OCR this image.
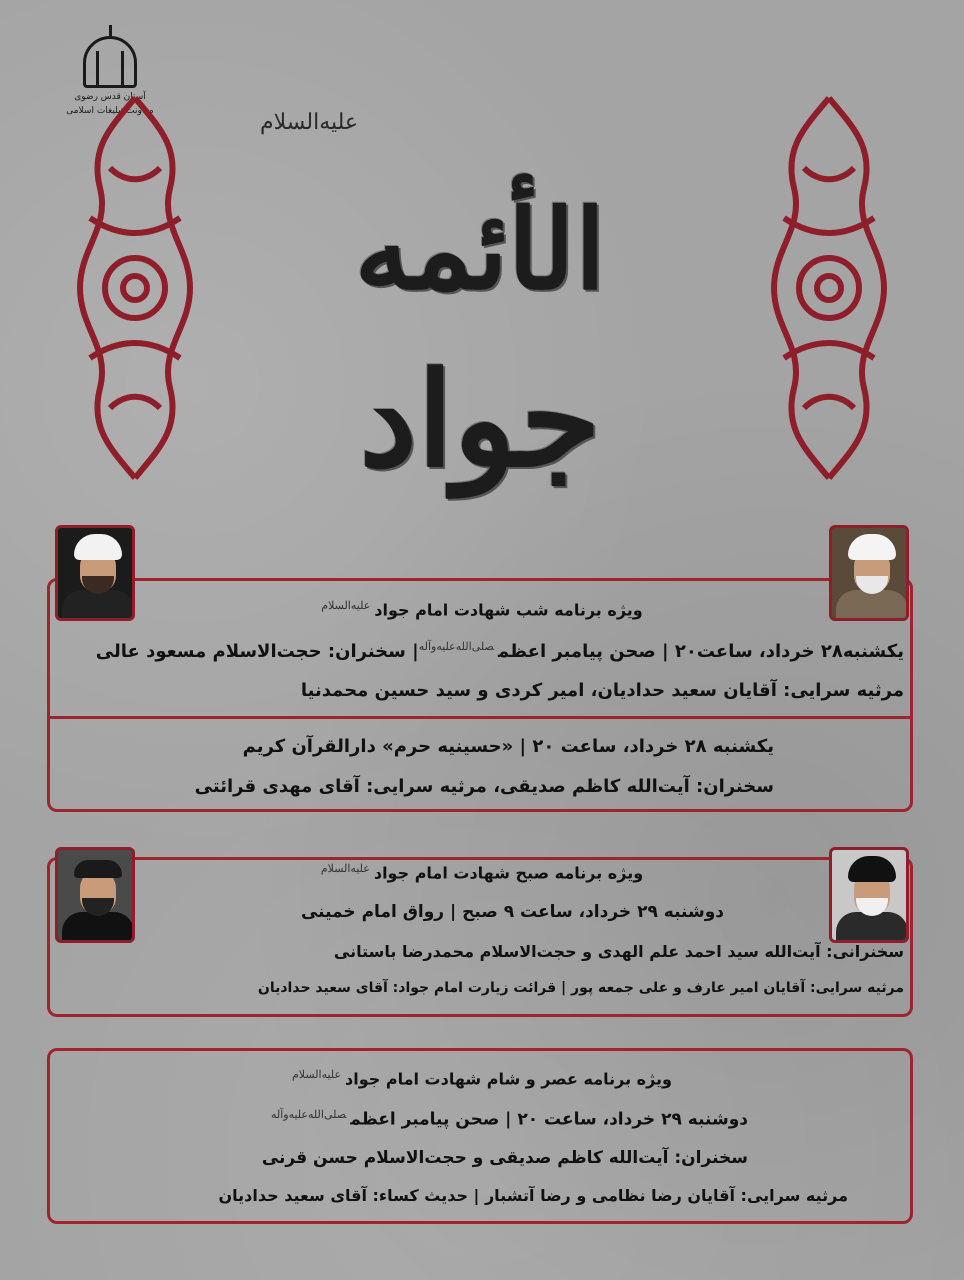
آستان قدس رضوی
معاونت تبلیغات اسلامی	علیه‌السلام
الأئمه
جواد
ویژه برنامه شب شهادت امام جواد$^{علیه‌السلام}$
یکشنبه۲۸ خرداد، ساعت۲۰ | صحن پیامبر اعظم$^{صلی‌الله‌علیه‌وآله}$| سخنران: حجت‌الاسلام مسعود عالی
مرثیه سرایی: آقایان سعید حدادیان، امیر کردی و سید حسین محمدنیا
یکشنبه ۲۸ خرداد، ساعت ۲۰ | «حسینیه حرم» دارالقرآن کریم
سخنران: آیت‌الله کاظم صدیقی، مرثیه سرایی: آقای مهدی قرائتی
ویژه برنامه صبح شهادت امام جواد$^{علیه‌السلام}$
دوشنبه ۲۹ خرداد، ساعت ۹ صبح | رواق امام خمینی
سخنرانی: آیت‌الله سید احمد علم الهدی و حجت‌الاسلام محمدرضا باستانی
مرثیه سرایی: آقایان امیر عارف و علی جمعه پور | قرائت زیارت امام جواد: آقای سعید حدادیان
ویژه برنامه عصر و شام شهادت امام جواد$^{علیه‌السلام}$
دوشنبه ۲۹ خرداد، ساعت ۲۰ | صحن پیامبر اعظم$^{صلی‌الله‌علیه‌وآله}$
سخنران: آیت‌الله کاظم صدیقی و حجت‌الاسلام حسن قرنی
مرثیه سرایی: آقایان رضا نظامی و رضا آتشبار | حدیث کساء: آقای سعید حدادیان
